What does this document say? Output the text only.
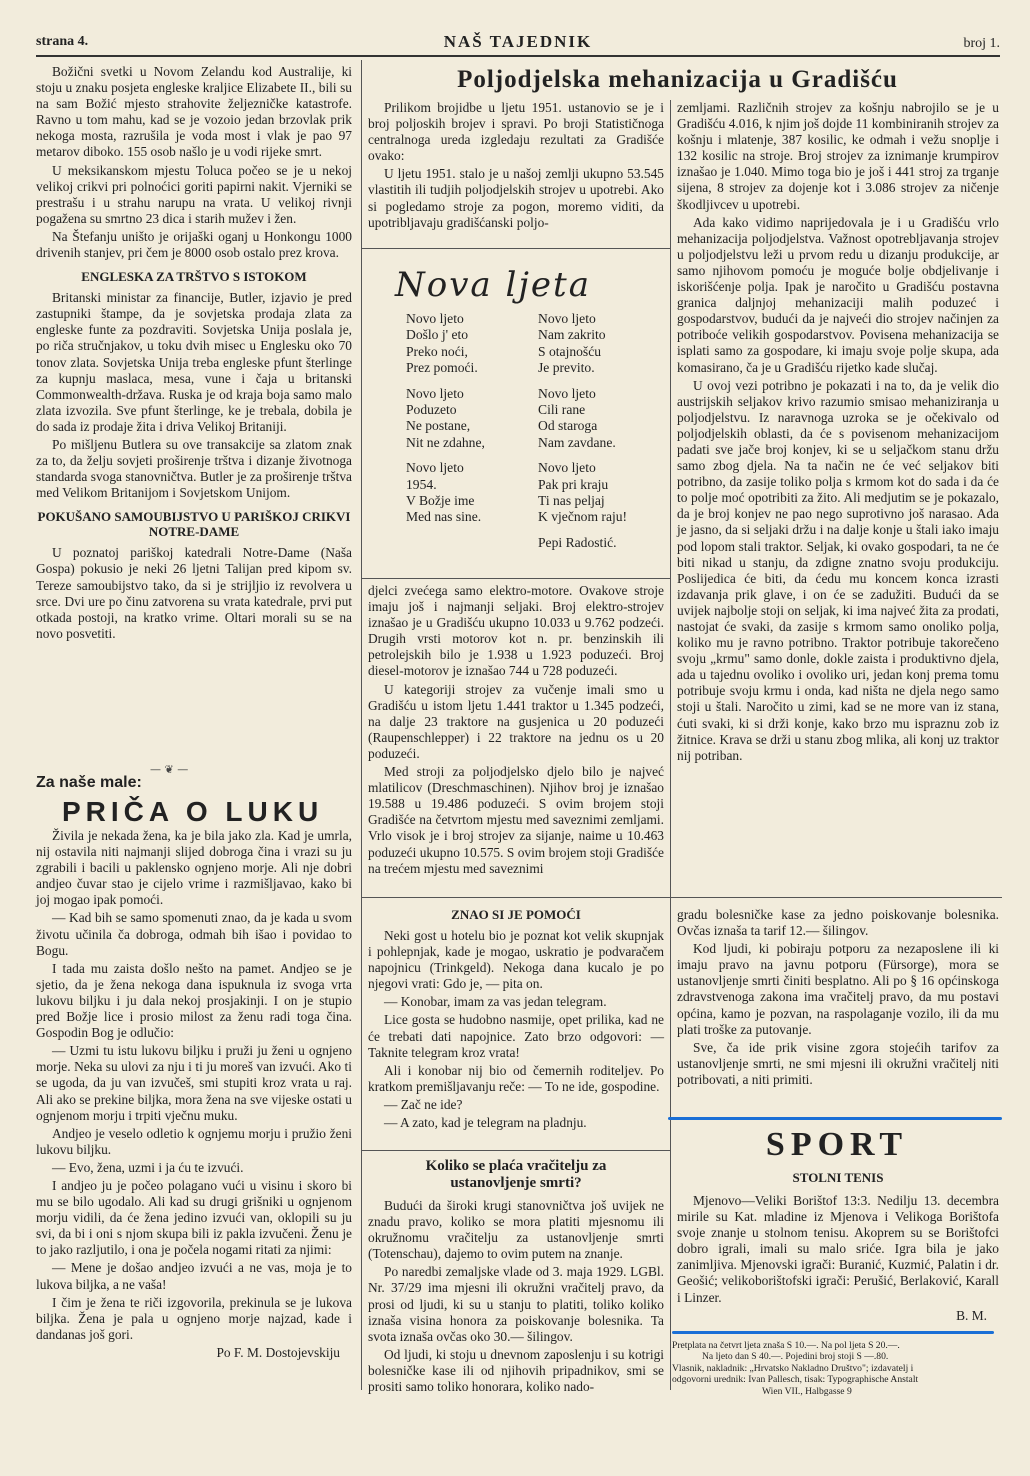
strana 4.	NAŠ TAJEDNIK	broj 1.

Božični svetki u Novom Zelandu kod Australije, ki stoju u znaku posjeta engleske kraljice Elizabete II., bili su na sam Božić mjesto strahovite željezničke katastrofe. Ravno u tom mahu, kad se je vozoio jedan brzovlak prik nekoga mosta, razrušila je voda most i vlak je pao 97 metarov diboko. 155 osob našlo je u vodi rijeke smrt.

U meksikanskom mjestu Toluca počeo se je u nekoj velikoj crikvi pri polnoćici goriti papirni nakit. Vjerniki se prestrašu i u strahu narupu na vrata. U velikoj rivnji pogažena su smrtno 23 dica i starih mužev i žen.

Na Štefanju uništo je orijaški oganj u Honkongu 1000 drivenih stanjev, pri čem je 8000 osob ostalo prez krova.

ENGLESKA ZA TRŠTVO S ISTOKOM

Britanski ministar za financije, Butler, izjavio je pred zastupniki štampe, da je sovjetska prodaja zlata za engleske funte za pozdraviti. Sovjetska Unija poslala je, po riča stručnjakov, u toku dvih misec u Englesku oko 70 tonov zlata. Sovjetska Unija treba engleske pfunt šterlinge za kupnju maslaca, mesa, vune i čaja u britanski Commonwealth-država. Ruska je od kraja boja samo malo zlata izvozila. Sve pfunt šterlinge, ke je trebala, dobila je do sada iz prodaje žita i driva Velikoj Britaniji.

Po mišljenu Butlera su ove transakcije sa zlatom znak za to, da želju sovjeti proširenje trštva i dizanje životnoga standarda svoga stanovničtva. Butler je za proširenje trštva med Velikom Britanijom i Sovjetskom Unijom.

POKUŠANO SAMOUBIJSTVO U PARIŠKOJ CRIKVI NOTRE-DAME

U poznatoj pariškoj katedrali Notre-Dame (Naša Gospa) pokusio je neki 26 ljetni Talijan pred kipom sv. Tereze samoubijstvo tako, da si je strijljio iz revolvera u srce. Dvi ure po činu zatvorena su vrata katedrale, prvi put otkada postoji, na kratko vrime. Oltari morali su se na novo posvetiti.

— ❦ —
Za naše male:
PRIČA O LUKU

Živila je nekada žena, ka je bila jako zla. Kad je umrla, nij ostavila niti najmanji slijed dobroga čina i vrazi su ju zgrabili i bacili u paklensko ognjeno morje. Ali nje dobri andjeo čuvar stao je cijelo vrime i razmišljavao, kako bi joj mogao ipak pomoći.

— Kad bih se samo spomenuti znao, da je kada u svom životu učinila ča dobroga, odmah bih išao i povidao to Bogu.

I tada mu zaista došlo nešto na pamet. Andjeo se je sjetio, da je žena nekoga dana ispuknula iz svoga vrta lukovu biljku i ju dala nekoj prosjakinji. I on je stupio pred Božje lice i prosio milost za ženu radi toga čina. Gospodin Bog je odlučio:

— Uzmi tu istu lukovu biljku i pruži ju ženi u ognjeno morje. Neka su ulovi za nju i ti ju moreš van izvući. Ako ti se ugoda, da ju van izvučeš, smi stupiti kroz vrata u raj. Ali ako se prekine biljka, mora žena na sve vijeske ostati u ognjenom morju i trpiti vječnu muku.

Andjeo je veselo odletio k ognjemu morju i pružio ženi lukovu biljku.

— Evo, žena, uzmi i ja ću te izvući.

I andjeo ju je počeo polagano vući u visinu i skoro bi mu se bilo ugodalo. Ali kad su drugi grišniki u ognjenom morju vidili, da će žena jedino izvući van, oklopili su ju svi, da bi i oni s njom skupa bili iz pakla izvučeni. Ženu je to jako razljutilo, i ona je počela nogami ritati za njimi:

— Mene je došao andjeo izvući a ne vas, moja je to lukova biljka, a ne vaša!

I čim je žena te riči izgovorila, prekinula se je lukova biljka. Žena je pala u ognjeno morje najzad, kade i dandanas još gori.

Po F. M. Dostojevskiju

Poljodjelska mehanizacija u Gradišću

Prilikom brojidbe u ljetu 1951. ustanovio se je i broj poljoskih brojev i spravi. Po broji Statističnoga centralnoga ureda izgledaju rezultati za Gradišće ovako:

U ljetu 1951. stalo je u našoj zemlji ukupno 53.545 vlastitih ili tudjih poljodjelskih strojev u upotrebi. Ako si pogledamo stroje za pogon, moremo viditi, da upotribljavaju gradišćanski poljo-

Nova ljeta
Novo ljeto
Došlo j' eto
Preko noći,
Prez pomoći.
Novo ljeto
Poduzeto
Ne postane,
Nit ne zdahne,
Novo ljeto
1954.
V Božje ime
Med nas sine.
Novo ljeto
Nam zakrito
S otajnošću
Je previto.
Novo ljeto
Cili rane
Od staroga
Nam zavdane.
Novo ljeto
Pak pri kraju
Ti nas peljaj
K vječnom raju!
Pepi Radostić.

djelci zvećega samo elektro-motore. Ovakove stroje imaju još i najmanji seljaki. Broj elektro-strojev iznašao je u Gradišću ukupno 10.033 u 9.762 podzeći. Drugih vrsti motorov kot n. pr. benzinskih ili petrolejskih bilo je 1.938 u 1.923 poduzeći. Broj diesel-motorov je iznašao 744 u 728 poduzeći.

U kategoriji strojev za vučenje imali smo u Gradišću u istom ljetu 1.441 traktor u 1.345 podzeći, na dalje 23 traktore na gusjenica u 20 poduzeći (Raupenschlepper) i 22 traktore na jednu os u 20 poduzeći.

Med stroji za poljodjelsko djelo bilo je najveć mlatilicov (Dreschmaschinen). Njihov broj je iznašao 19.588 u 19.486 poduzeći. S ovim brojem stoji Gradišće na četvrtom mjestu med saveznimi zemljami. Vrlo visok je i broj strojev za sijanje, naime u 10.463 poduzeći ukupno 10.575. S ovim brojem stoji Gradišće na trećem mjestu med saveznimi

zemljami. Različnih strojev za košnju nabrojilo se je u Gradišću 4.016, k njim još dojde 11 kombiniranih strojev za košnju i mlatenje, 387 kosilic, ke odmah i vežu snoplje i 132 kosilic na stroje. Broj strojev za iznimanje krumpirov iznašao je 1.040. Mimo toga bio je još i 441 stroj za trganje sijena, 8 strojev za dojenje kot i 3.086 strojev za ničenje škodljivcev u upotrebi.

Ada kako vidimo naprijedovala je i u Gradišću vrlo mehanizacija poljodjelstva. Važnost opotrebljavanja strojev u poljodjelstvu leži u prvom redu u dizanju produkcije, ar samo njihovom pomoću je moguće bolje obdjelivanje i iskorišćenje polja. Ipak je naročito u Gradišću postavna granica daljnjoj mehanizaciji malih poduzeć i gospodarstvov, budući da je najveći dio strojev načinjen za potriboće velikih gospodarstvov. Povisena mehanizacija se isplati samo za gospodare, ki imaju svoje polje skupa, ada komasirano, ča je u Gradišću rijetko kade slučaj.

U ovoj vezi potribno je pokazati i na to, da je velik dio austrijskih seljakov krivo razumio smisao mehaniziranja u poljodjelstvu. Iz naravnoga uzroka se je očekivalo od poljodjelskih oblasti, da će s povisenom mehanizacijom padati sve jače broj konjev, ki se u seljačkom stanu držu samo zbog djela. Na ta način ne će već seljakov biti potribno, da zasije toliko polja s krmom kot do sada i da će to polje moć opotribiti za žito. Ali medjutim se je pokazalo, da je broj konjev ne pao nego suprotivno još narasao. Ada je jasno, da si seljaki držu i na dalje konje u štali iako imaju pod lopom stali traktor. Seljak, ki ovako gospodari, ta ne će biti nikad u stanju, da zdigne znatno svoju produkciju. Poslijedica će biti, da ćedu mu koncem konca izrasti izdavanja prik glave, i on će se zadužiti. Budući da se uvijek najbolje stoji on seljak, ki ima najveć žita za prodati, nastojat će svaki, da zasije s krmom samo onoliko polja, koliko mu je ravno potribno. Traktor potribuje takorečeno svoju „krmu" samo donle, dokle zaista i produktivno djela, ada u tajednu ovoliko i ovoliko uri, jedan konj prema tomu potribuje svoju krmu i onda, kad ništa ne djela nego samo stoji u štali. Naročito u zimi, kad se ne more van iz stana, ćuti svaki, ki si drži konje, kako brzo mu ispraznu zob iz žitnice. Krava se drži u stanu zbog mlika, ali konj uz traktor nij potriban.

ZNAO SI JE POMOĆI

Neki gost u hotelu bio je poznat kot velik skupnjak i pohlepnjak, kade je mogao, uskratio je podvaračem napojnicu (Trinkgeld). Nekoga dana kucalo je po njegovi vrati: Gdo je, — pita on.

— Konobar, imam za vas jedan telegram.

Lice gosta se hudobno nasmije, opet prilika, kad ne će trebati dati napojnice. Zato brzo odgovori: — Taknite telegram kroz vrata!

Ali i konobar nij bio od čemernih roditeljev. Po kratkom premišljavanju reče: — To ne ide, gospodine.

— Zač ne ide?

— A zato, kad je telegram na pladnju.

Koliko se plaća vračitelju za ustanovljenje smrti?

Budući da široki krugi stanovničtva još uvijek ne znadu pravo, koliko se mora platiti mjesnomu ili okružnomu vračitelju za ustanovljenje smrti (Totenschau), dajemo to ovim putem na znanje.

Po naredbi zemaljske vlade od 3. maja 1929. LGBl. Nr. 37/29 ima mjesni ili okružni vračitelj pravo, da prosi od ljudi, ki su u stanju to platiti, toliko koliko iznaša visina honora za poiskovanje bolesnika. Ta svota iznaša ovčas oko 30.— šilingov.

Od ljudi, ki stoju u dnevnom zaposlenju i su kotrigi bolesničke kase ili od njihovih pripadnikov, smi se prositi samo toliko honorara, koliko nado-

gradu bolesničke kase za jedno poiskovanje bolesnika. Ovčas iznaša ta tarif 12.— šilingov.

Kod ljudi, ki pobiraju potporu za nezaposlene ili ki imaju pravo na javnu potporu (Fürsorge), mora se ustanovljenje smrti činiti besplatno. Ali po § 16 općinskoga zdravstvenoga zakona ima vračitelj pravo, da mu postavi općina, kamo je pozvan, na raspolaganje vozilo, ili da mu plati troške za putovanje.

Sve, ča ide prik visine zgora stojećih tarifov za ustanovljenje smrti, ne smi mjesni ili okružni vračitelj niti potribovati, a niti primiti.

SPORT
STOLNI TENIS

Mjenovo—Veliki Borištof 13:3. Nedilju 13. decembra mirile su Kat. mladine iz Mjenova i Velikoga Borištofa svoje znanje u stolnom tenisu. Akoprem su se Borištofci dobro igrali, imali su malo sriće. Igra bila je jako zanimljiva. Mjenovski igrači: Buranić, Kuzmić, Palatin i dr. Geošić; velikoborištofski igrači: Perušić, Berlaković, Karall i Linzer.

B. M.

Pretplata na četvrt ljeta znaša S 10.—. Na pol ljeta S 20.—.
Na ljeto dan S 40.—. Pojedini broj stoji S —.80.
Vlasnik, nakladnik: „Hrvatsko Nakladno Društvo"; izdavatelj i
odgovorni urednik: Ivan Pallesch, tisak: Typographische Anstalt
Wien VII., Halbgasse 9
